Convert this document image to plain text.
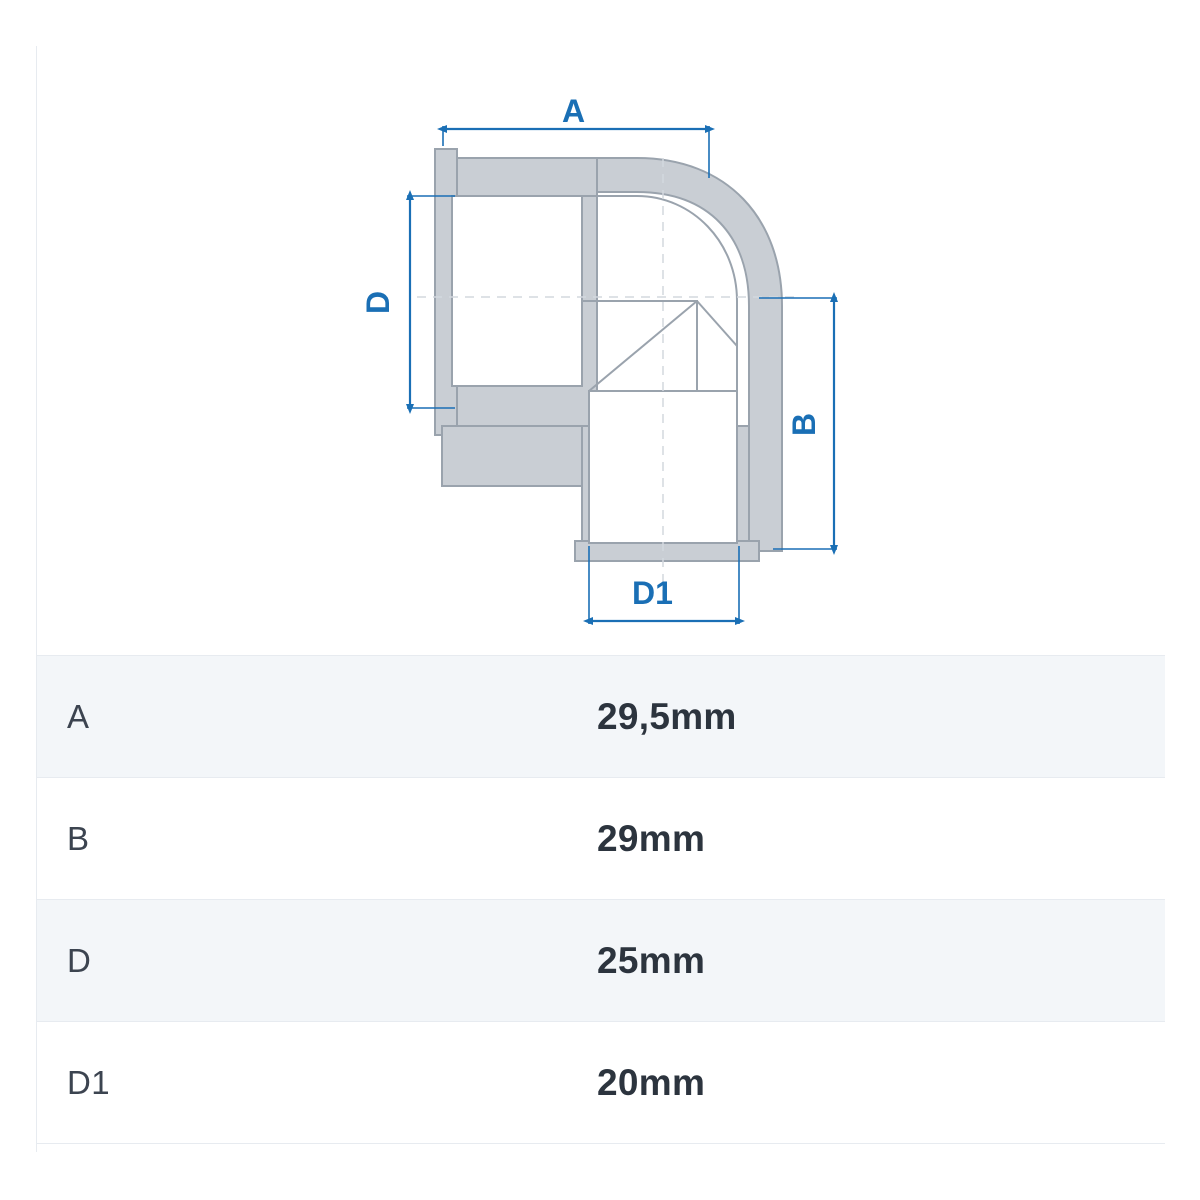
A
D
B
D1
A	29,5mm
B	29mm
D	25mm
D1	20mm
